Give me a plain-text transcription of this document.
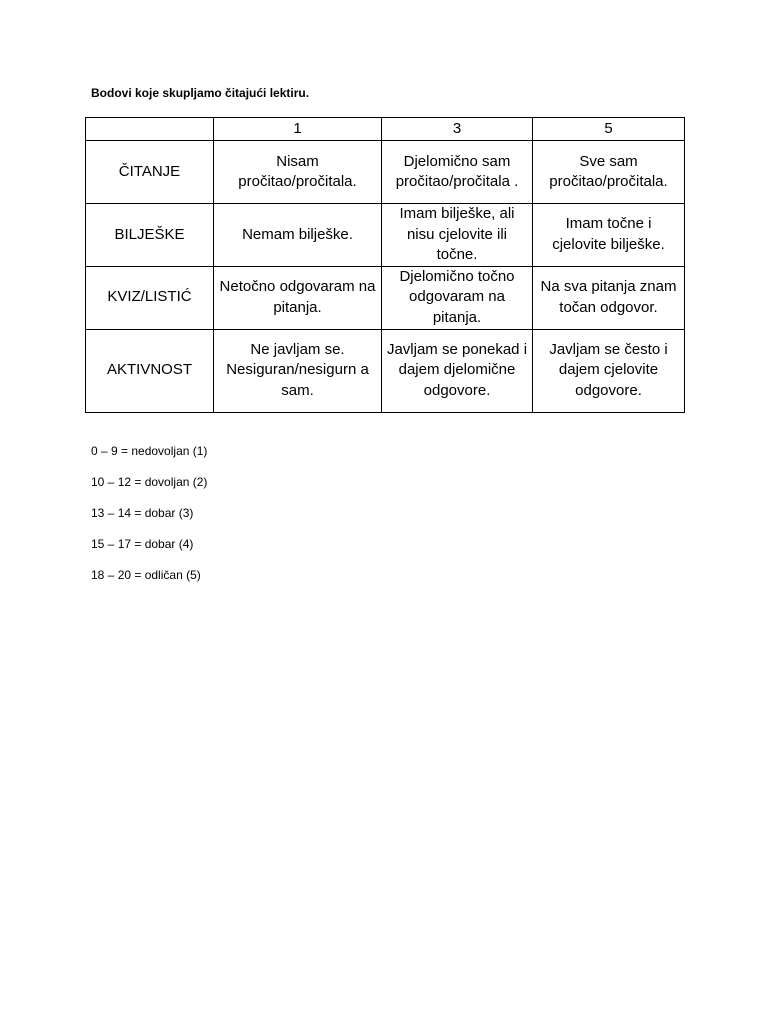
Bodovi koje skupljamo čitajući lektiru.
	1	3	5
ČITANJE	Nisam pročitao/pročitala.	Djelomično sam pročitao/pročitala .	Sve sam pročitao/pročitala.
BILJEŠKE	Nemam bilješke.	Imam bilješke, ali nisu cjelovite ili točne.	Imam točne i cjelovite bilješke.
KVIZ/LISTIĆ	Netočno odgovaram na pitanja.	Djelomično točno odgovaram na pitanja.	Na sva pitanja znam točan odgovor.
AKTIVNOST	Ne javljam se. Nesiguran/nesigurn a sam.	Javljam se ponekad i dajem djelomične odgovore.	Javljam se često i dajem cjelovite odgovore.
0 – 9 = nedovoljan (1)
10 – 12 = dovoljan (2)
13 – 14 = dobar (3)
15 – 17 = dobar (4)
18 – 20 = odličan (5)
